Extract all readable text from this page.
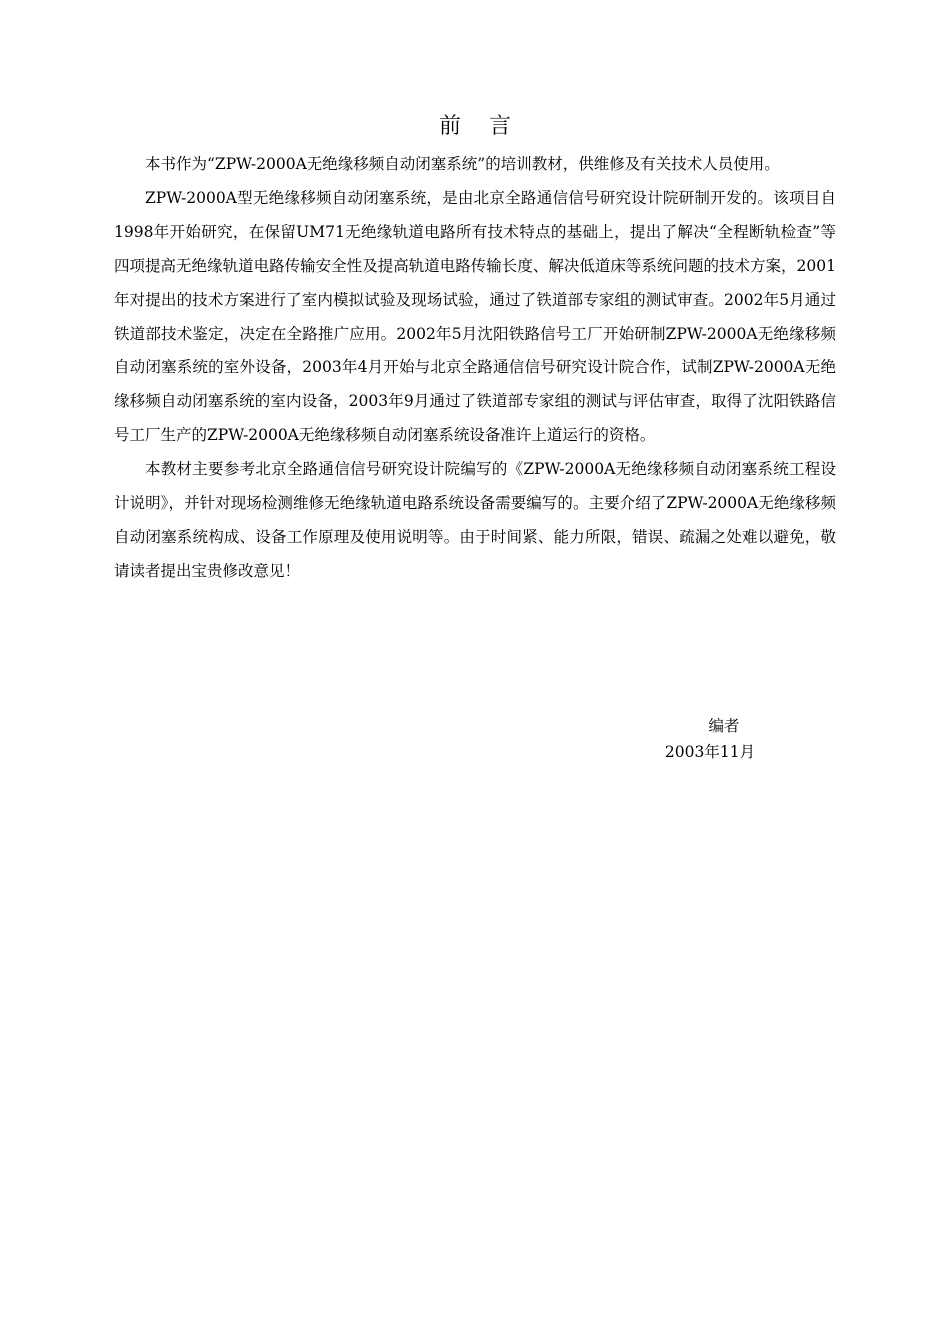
前    言

本书作为“ZPW-2000A无绝缘移频自动闭塞系统”的培训教材，供维修及有关技术人员使用。

ZPW-2000A型无绝缘移频自动闭塞系统，是由北京全路通信信号研究设计院研制开发的。该项目自1998年开始研究，在保留UM71无绝缘轨道电路所有技术特点的基础上，提出了解决“全程断轨检查”等四项提高无绝缘轨道电路传输安全性及提高轨道电路传输长度、解决低道床等系统问题的技术方案，2001年对提出的技术方案进行了室内模拟试验及现场试验，通过了铁道部专家组的测试审查。2002年5月通过铁道部技术鉴定，决定在全路推广应用。2002年5月沈阳铁路信号工厂开始研制ZPW-2000A无绝缘移频自动闭塞系统的室外设备，2003年4月开始与北京全路通信信号研究设计院合作，试制ZPW-2000A无绝缘移频自动闭塞系统的室内设备，2003年9月通过了铁道部专家组的测试与评估审查，取得了沈阳铁路信号工厂生产的ZPW-2000A无绝缘移频自动闭塞系统设备准许上道运行的资格。

本教材主要参考北京全路通信信号研究设计院编写的《ZPW-2000A无绝缘移频自动闭塞系统工程设计说明》，并针对现场检测维修无绝缘轨道电路系统设备需要编写的。主要介绍了ZPW-2000A无绝缘移频自动闭塞系统构成、设备工作原理及使用说明等。由于时间紧、能力所限，错误、疏漏之处难以避免，敬请读者提出宝贵修改意见！

编者
2003年11月
